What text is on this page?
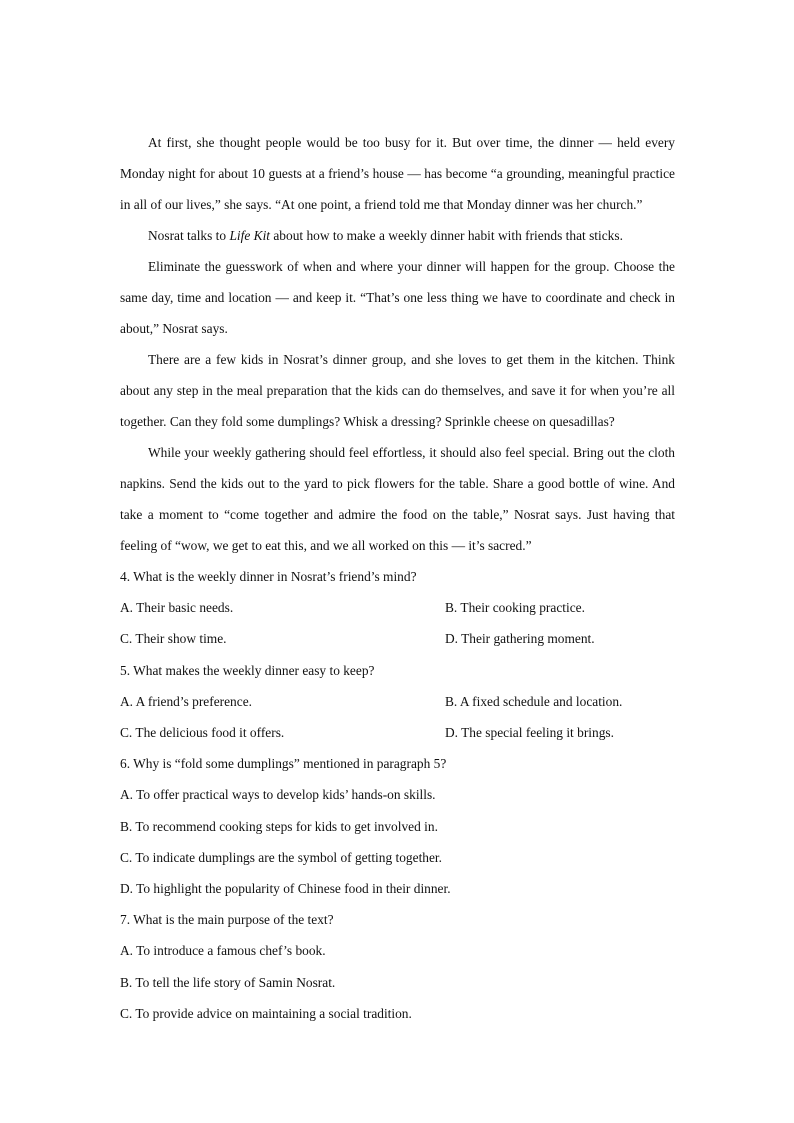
At first, she thought people would be too busy for it. But over time, the dinner — held every Monday night for about 10 guests at a friend’s house — has become “a grounding, meaningful practice in all of our lives,” she says. “At one point, a friend told me that Monday dinner was her church.”

Nosrat talks to Life Kit about how to make a weekly dinner habit with friends that sticks.

Eliminate the guesswork of when and where your dinner will happen for the group. Choose the same day, time and location — and keep it. “That’s one less thing we have to coordinate and check in about,” Nosrat says.

There are a few kids in Nosrat’s dinner group, and she loves to get them in the kitchen. Think about any step in the meal preparation that the kids can do themselves, and save it for when you’re all together. Can they fold some dumplings? Whisk a dressing? Sprinkle cheese on quesadillas?

While your weekly gathering should feel effortless, it should also feel special. Bring out the cloth napkins. Send the kids out to the yard to pick flowers for the table. Share a good bottle of wine. And take a moment to “come together and admire the food on the table,” Nosrat says. Just having that feeling of “wow, we get to eat this, and we all worked on this — it’s sacred.”

4. What is the weekly dinner in Nosrat’s friend’s mind?

A. Their basic needs.	B. Their cooking practice.
C. Their show time.	D. Their gathering moment.

5. What makes the weekly dinner easy to keep?

A. A friend’s preference.	B. A fixed schedule and location.
C. The delicious food it offers.	D. The special feeling it brings.

6. Why is “fold some dumplings” mentioned in paragraph 5?

A. To offer practical ways to develop kids’ hands-on skills.

B. To recommend cooking steps for kids to get involved in.

C. To indicate dumplings are the symbol of getting together.

D. To highlight the popularity of Chinese food in their dinner.

7. What is the main purpose of the text?

A. To introduce a famous chef’s book.

B. To tell the life story of Samin Nosrat.

C. To provide advice on maintaining a social tradition.
